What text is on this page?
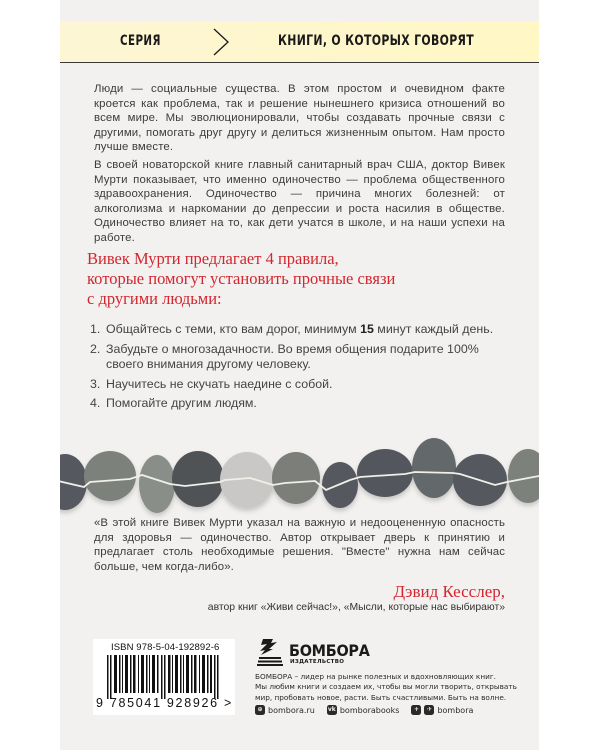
СЕРИЯ	КНИГИ, О КОТОРЫХ ГОВОРЯТ

Люди — социальные существа. В этом простом и очевидном факте кроется как проблема, так и решение нынешнего кризиса отношений во всем мире. Мы эволюционировали, чтобы создавать прочные связи с другими, помогать друг другу и делиться жизненным опытом. Нам просто лучше вместе.

В своей новаторской книге главный санитарный врач США, доктор Вивек Мурти показывает, что именно одиночество — проблема общественного здравоохранения. Одиночество — причина многих болезней: от алкоголизма и наркомании до депрессии и роста насилия в обществе. Одиночество влияет на то, как дети учатся в школе, и на наши успехи на работе.

Вивек Мурти предлагает 4 правила,
которые помогут установить прочные связи
с другими людьми:
1. Общайтесь с теми, кто вам дорог, минимум 15 минут каждый день.
2. Забудьте о многозадачности. Во время общения подарите 100% своего внимания другому человеку.
3. Научитесь не скучать наедине с собой.
4. Помогайте другим людям.

«В этой книге Вивек Мурти указал на важную и недооцененную опасность для здоровья — одиночество. Автор открывает дверь к принятию и предлагает столь необходимые решения. "Вместе" нужна нам сейчас больше, чем когда-либо».

Дэвид Кесслер,
автор книг «Живи сейчас!», «Мысли, которые нас выбирают»
ISBN 978-5-04-192892-6
9 785041 928926 >
БОМБОРА
ИЗДАТЕЛЬСТВО
БОМБОРА – лидер на рынке полезных и вдохновляющих книг.
Мы любим книги и создаем их, чтобы вы могли творить, открывать
мир, пробовать новое, расти. Быть счастливыми. Быть на волне.
⊕ bombora.ru vk bomborabooks	+	✈ bombora
